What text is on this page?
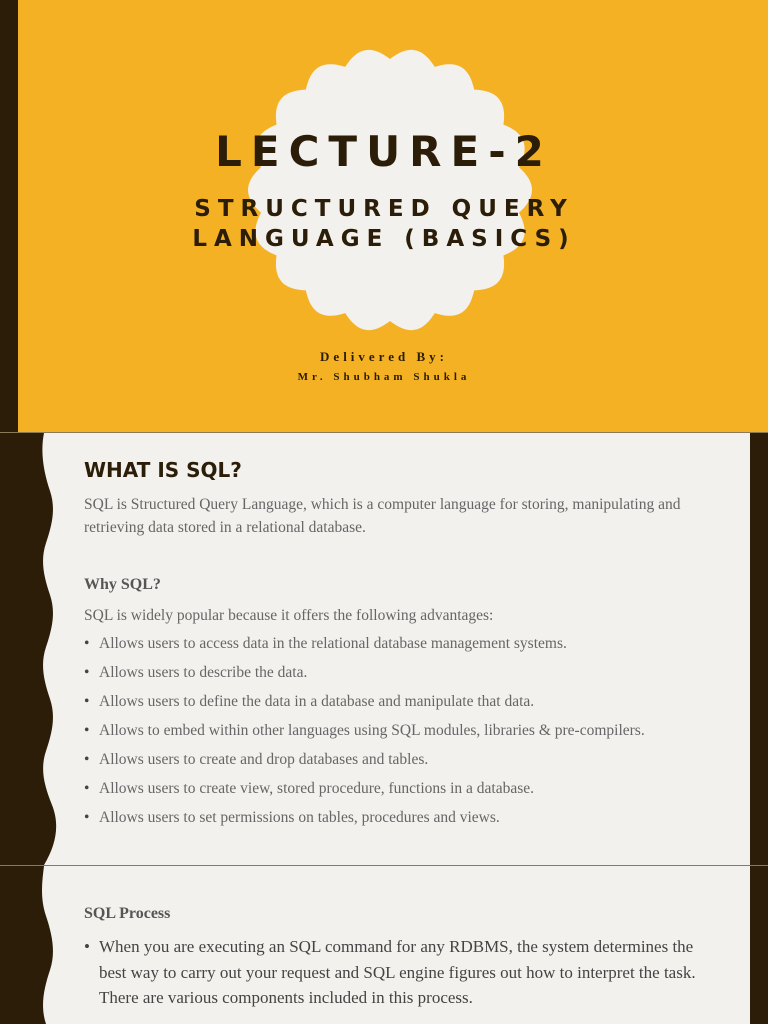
LECTURE-2
STRUCTURED QUERY LANGUAGE (BASICS)
Delivered By:
Mr. Shubham Shukla
WHAT IS SQL?
SQL is Structured Query Language, which is a computer language for storing, manipulating and retrieving data stored in a relational database.
Why SQL?
SQL is widely popular because it offers the following advantages:
• Allows users to access data in the relational database management systems.
• Allows users to describe the data.
• Allows users to define the data in a database and manipulate that data.
• Allows to embed within other languages using SQL modules, libraries & pre-compilers.
• Allows users to create and drop databases and tables.
• Allows users to create view, stored procedure, functions in a database.
• Allows users to set permissions on tables, procedures and views.
SQL Process
• When you are executing an SQL command for any RDBMS, the system determines the best way to carry out your request and SQL engine figures out how to interpret the task. There are various components included in this process.
